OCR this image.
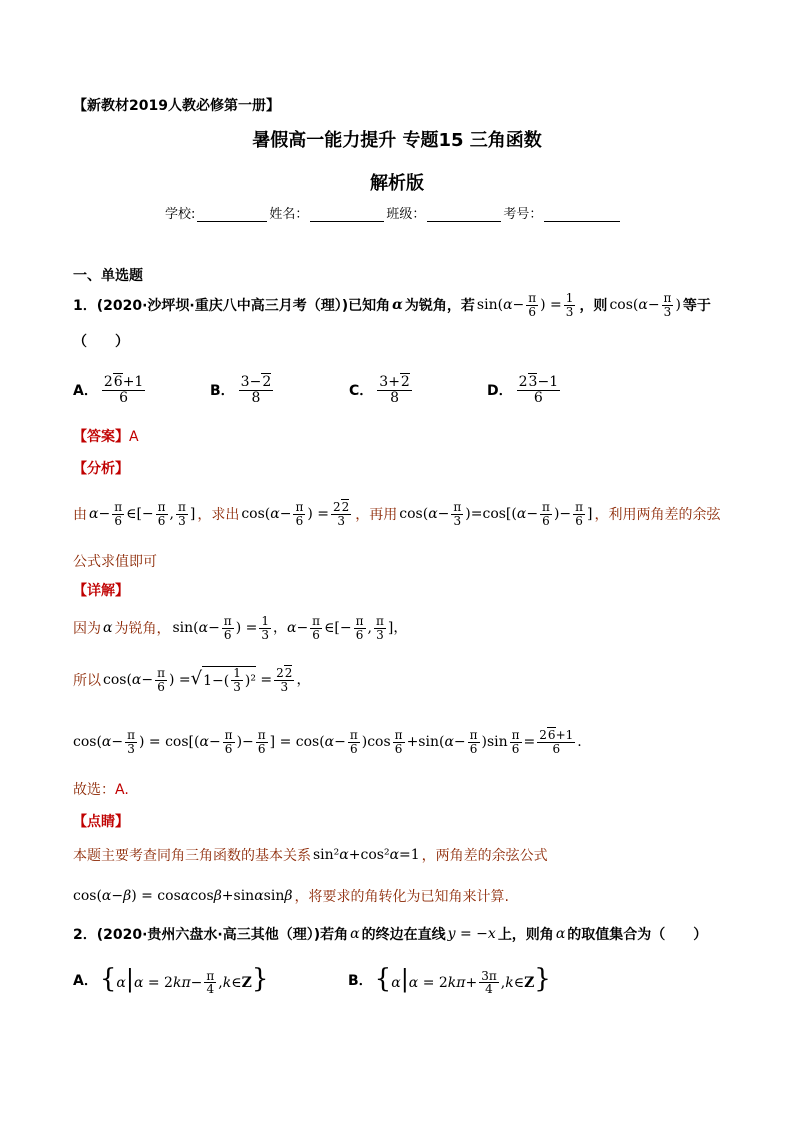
【新教材2019人教必修第一册】
暑假高一能力提升 专题15 三角函数
解析版
学校:	姓名：	班级：	考号：
一、单选题
1．(2020·沙坪坝·重庆八中高三月考（理）)已知角 α 为锐角，若 $\sin(\alpha- \frac{\pi}{6}$ ) = $\frac{1}{3}$ ，则 $\cos(\alpha- \frac{\pi}{3}$ ) 等于
（　　）
A． $\frac{26+1}{6}$	B． $\frac{3-2}{8}$	C． $\frac{3+2}{8}$	D． $\frac{23-1}{6}$
【答案】A
【分析】
由 $\alpha- \frac{\pi}{6}$ ∈[− $\frac{\pi}{6}$ , $\frac{\pi}{3}$ ] ，求出 $\cos(\alpha- \frac{\pi}{6}$ ) = $\frac{22}{3}$ ，再用 $\cos(\alpha- \frac{\pi}{3} )=\cos[(\alpha- \frac{\pi}{6}$ )− $\frac{\pi}{6}$ ] ，利用两角差的余弦
公式求值即可
【详解】
因为 α 为锐角， $\sin(\alpha- \frac{\pi}{6}$ ) = $\frac{1}{3}$ ，$\alpha- \frac{\pi}{6}$ ∈[− $\frac{\pi}{6}$ , $\frac{\pi}{3}$ ]，
所以 $\cos(\alpha- \frac{\pi}{6}$ ) $=√1-( \frac{1}{3} )^2 = \frac{22}{3}$ ，
$\cos(\alpha- \frac{\pi}{3}$ ) = $\cos[(\alpha- \frac{\pi}{6}$ )− $\frac{\pi}{6}$ ] = $\cos(\alpha- \frac{\pi}{6} )\cos \frac{\pi}{6} +\sin(\alpha- \frac{\pi}{6} )\sin \frac{\pi}{6} = \frac{26+1}{6}$ .
故选：A.
【点睛】
本题主要考查同角三角函数的基本关系 sin²α+cos²α=1 ，两角差的余弦公式
cos(α−β) = cosαcosβ+sinαsinβ ，将要求的角转化为已知角来计算.
2．(2020·贵州六盘水·高三其他（理）)若角 α 的终边在直线 y = −x 上，则角 α 的取值集合为（　　）
A． {$\alpha|\alpha = 2k\pi- \frac{\pi}{4}$ ,k∈Z}	B． {$\alpha|\alpha = 2k\pi+ \frac{3\pi}{4}$ ,k∈Z}
